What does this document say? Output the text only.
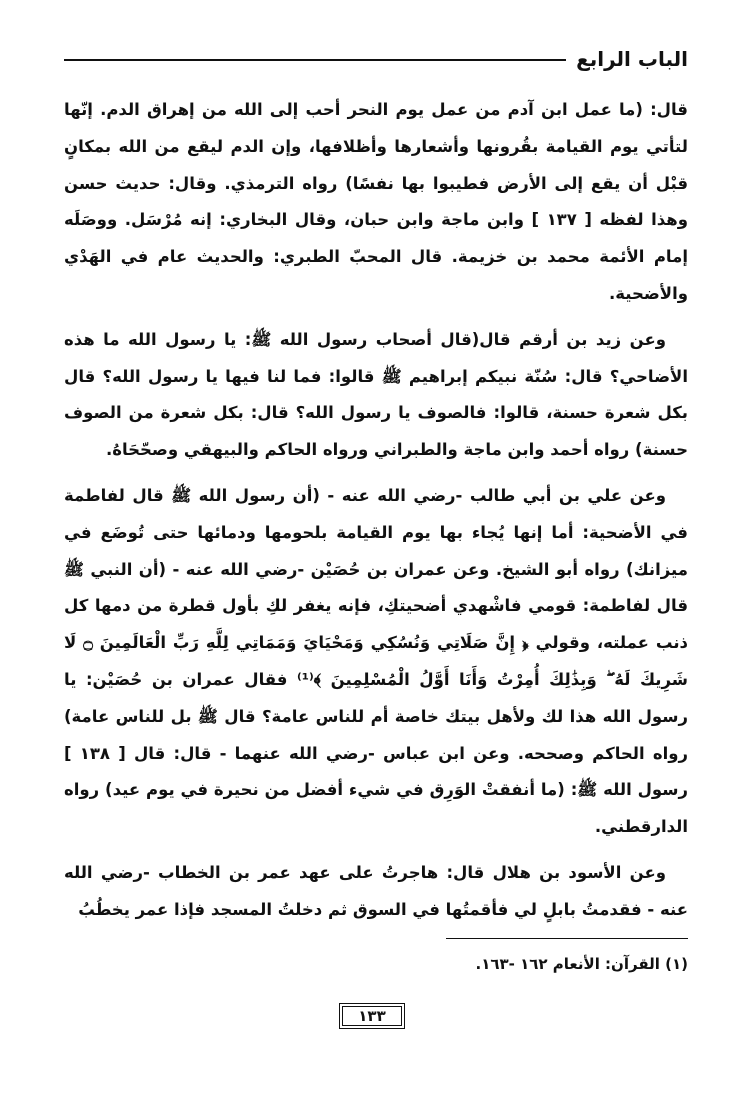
الباب الرابع

قال: (ما عمل ابن آدم من عمل يوم النحر أحب إلى الله من إهراق الدم. إنّها لتأتي يوم القيامة بقُرونها وأشعارها وأظلافها، وإن الدم ليقع من الله بمكانٍ قبْل أن يقع إلى الأرض فطيبوا بها نفسًا) رواه الترمذي. وقال: حديث حسن وهذا لفظه [ ١٣٧ ] وابن ماجة وابن حبان، وقال البخاري: إنه مُرْسَل. ووصَلَه إمام الأئمة محمد بن خزيمة. قال المحبّ الطبري: والحديث عام في الهَدْي والأضحية.

وعن زيد بن أرقم قال(قال أصحاب رسول الله ﷺ: يا رسول الله ما هذه الأضاحي؟ قال: سُنّة نبيكم إبراهيم ﷺ قالوا: فما لنا فيها يا رسول الله؟ قال بكل شعرة حسنة، قالوا: فالصوف يا رسول الله؟ قال: بكل شعرة من الصوف حسنة) رواه أحمد وابن ماجة والطبراني ورواه الحاكم والبيهقي وصحّحَاهُ.

وعن علي بن أبي طالب -رضي الله عنه - (أن رسول الله ﷺ قال لفاطمة في الأضحية: أما إنها يُجاء بها يوم القيامة بلحومها ودمائها حتى تُوضَع في ميزانك) رواه أبو الشيخ. وعن عمران بن حُصَيْن -رضي الله عنه - (أن النبي ﷺ قال لفاطمة: قومي فاشْهدي أضحيتكِ، فإنه يغفر لكِ بأول قطرة من دمها كل ذنب عملته، وقولي ﴿ إِنَّ صَلَاتِي وَنُسُكِي وَمَحْيَايَ وَمَمَاتِي لِلَّهِ رَبِّ الْعَالَمِينَ ۝ لَا شَرِيكَ لَهُ ۖ وَبِذَٰلِكَ أُمِرْتُ وَأَنَا أَوَّلُ الْمُسْلِمِينَ ﴾⁽¹⁾ فقال عمران بن حُصَيْن: يا رسول الله هذا لك ولأهل بيتك خاصة أم للناس عامة؟ قال ﷺ بل للناس عامة) رواه الحاكم وصححه. وعن ابن عباس -رضي الله عنهما - قال: قال [ ١٣٨ ] رسول الله ﷺ: (ما أنفقتْ الوَرِق في شيء أفضل من نحيرة في يوم عيد) رواه الدارقطني.

وعن الأسود بن هلال قال: هاجرتُ على عهد عمر بن الخطاب -رضي الله عنه - فقدمتُ بابلٍ لي فأقمتُها في السوق ثم دخلتُ المسجد فإذا عمر يخطُبُ

(١) القرآن: الأنعام ١٦٢ -١٦٣.
١٣٣
